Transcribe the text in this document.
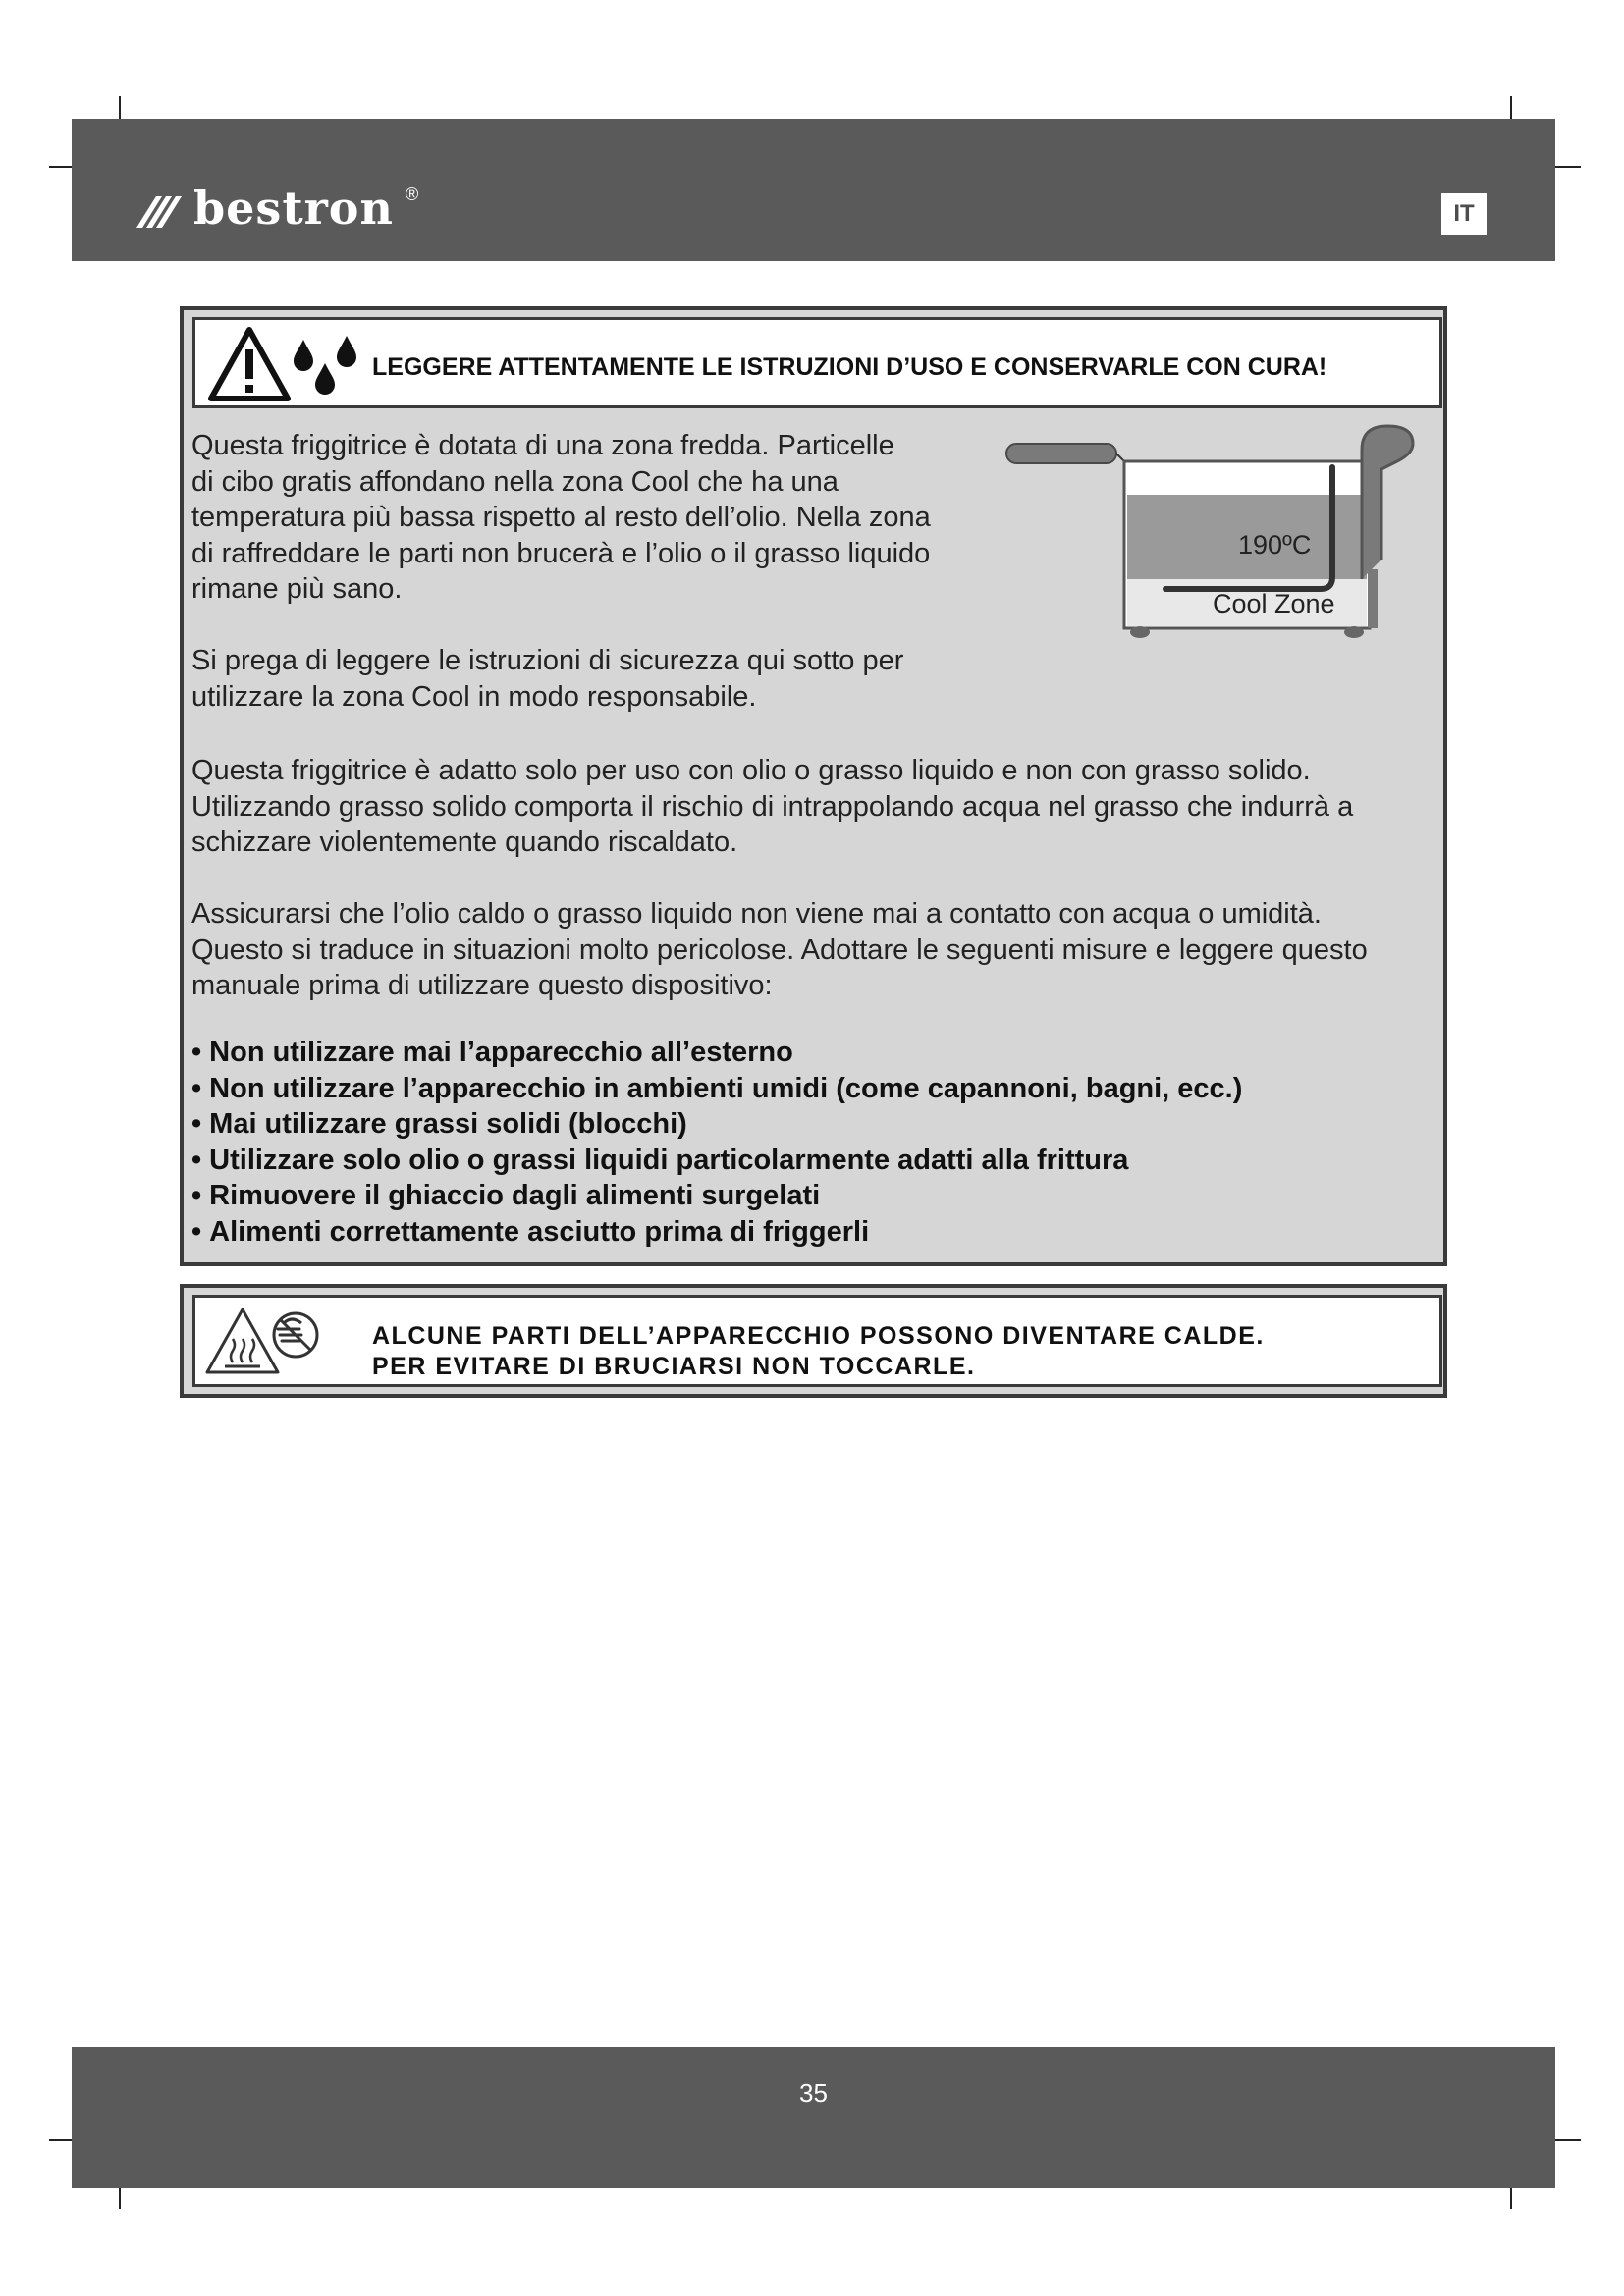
bestron ®
IT
LEGGERE ATTENTAMENTE LE ISTRUZIONI D’USO E CONSERVARLE CON CURA!
Questa friggitrice è dotata di una zona fredda. Particelle
di cibo gratis affondano nella zona Cool che ha una
temperatura più bassa rispetto al resto dell’olio. Nella zona
di raffreddare le parti non brucerà e l’olio o il grasso liquido
rimane più sano.
Si prega di leggere le istruzioni di sicurezza qui sotto per
utilizzare la zona Cool in modo responsabile.
190ºC
Cool Zone
Questa friggitrice è adatto solo per uso con olio o grasso liquido e non con grasso solido.
Utilizzando grasso solido comporta il rischio di intrappolando acqua nel grasso che indurrà a
schizzare violentemente quando riscaldato.
Assicurarsi che l’olio caldo o grasso liquido non viene mai a contatto con acqua o umidità.
Questo si traduce in situazioni molto pericolose. Adottare le seguenti misure e leggere questo
manuale prima di utilizzare questo dispositivo:
• Non utilizzare mai l’apparecchio all’esterno
• Non utilizzare l’apparecchio in ambienti umidi (come capannoni, bagni, ecc.)
• Mai utilizzare grassi solidi (blocchi)
• Utilizzare solo olio o grassi liquidi particolarmente adatti alla frittura
• Rimuovere il ghiaccio dagli alimenti surgelati
• Alimenti correttamente asciutto prima di friggerli
ALCUNE PARTI DELL’APPARECCHIO POSSONO DIVENTARE CALDE.
PER EVITARE DI BRUCIARSI NON TOCCARLE.
35
